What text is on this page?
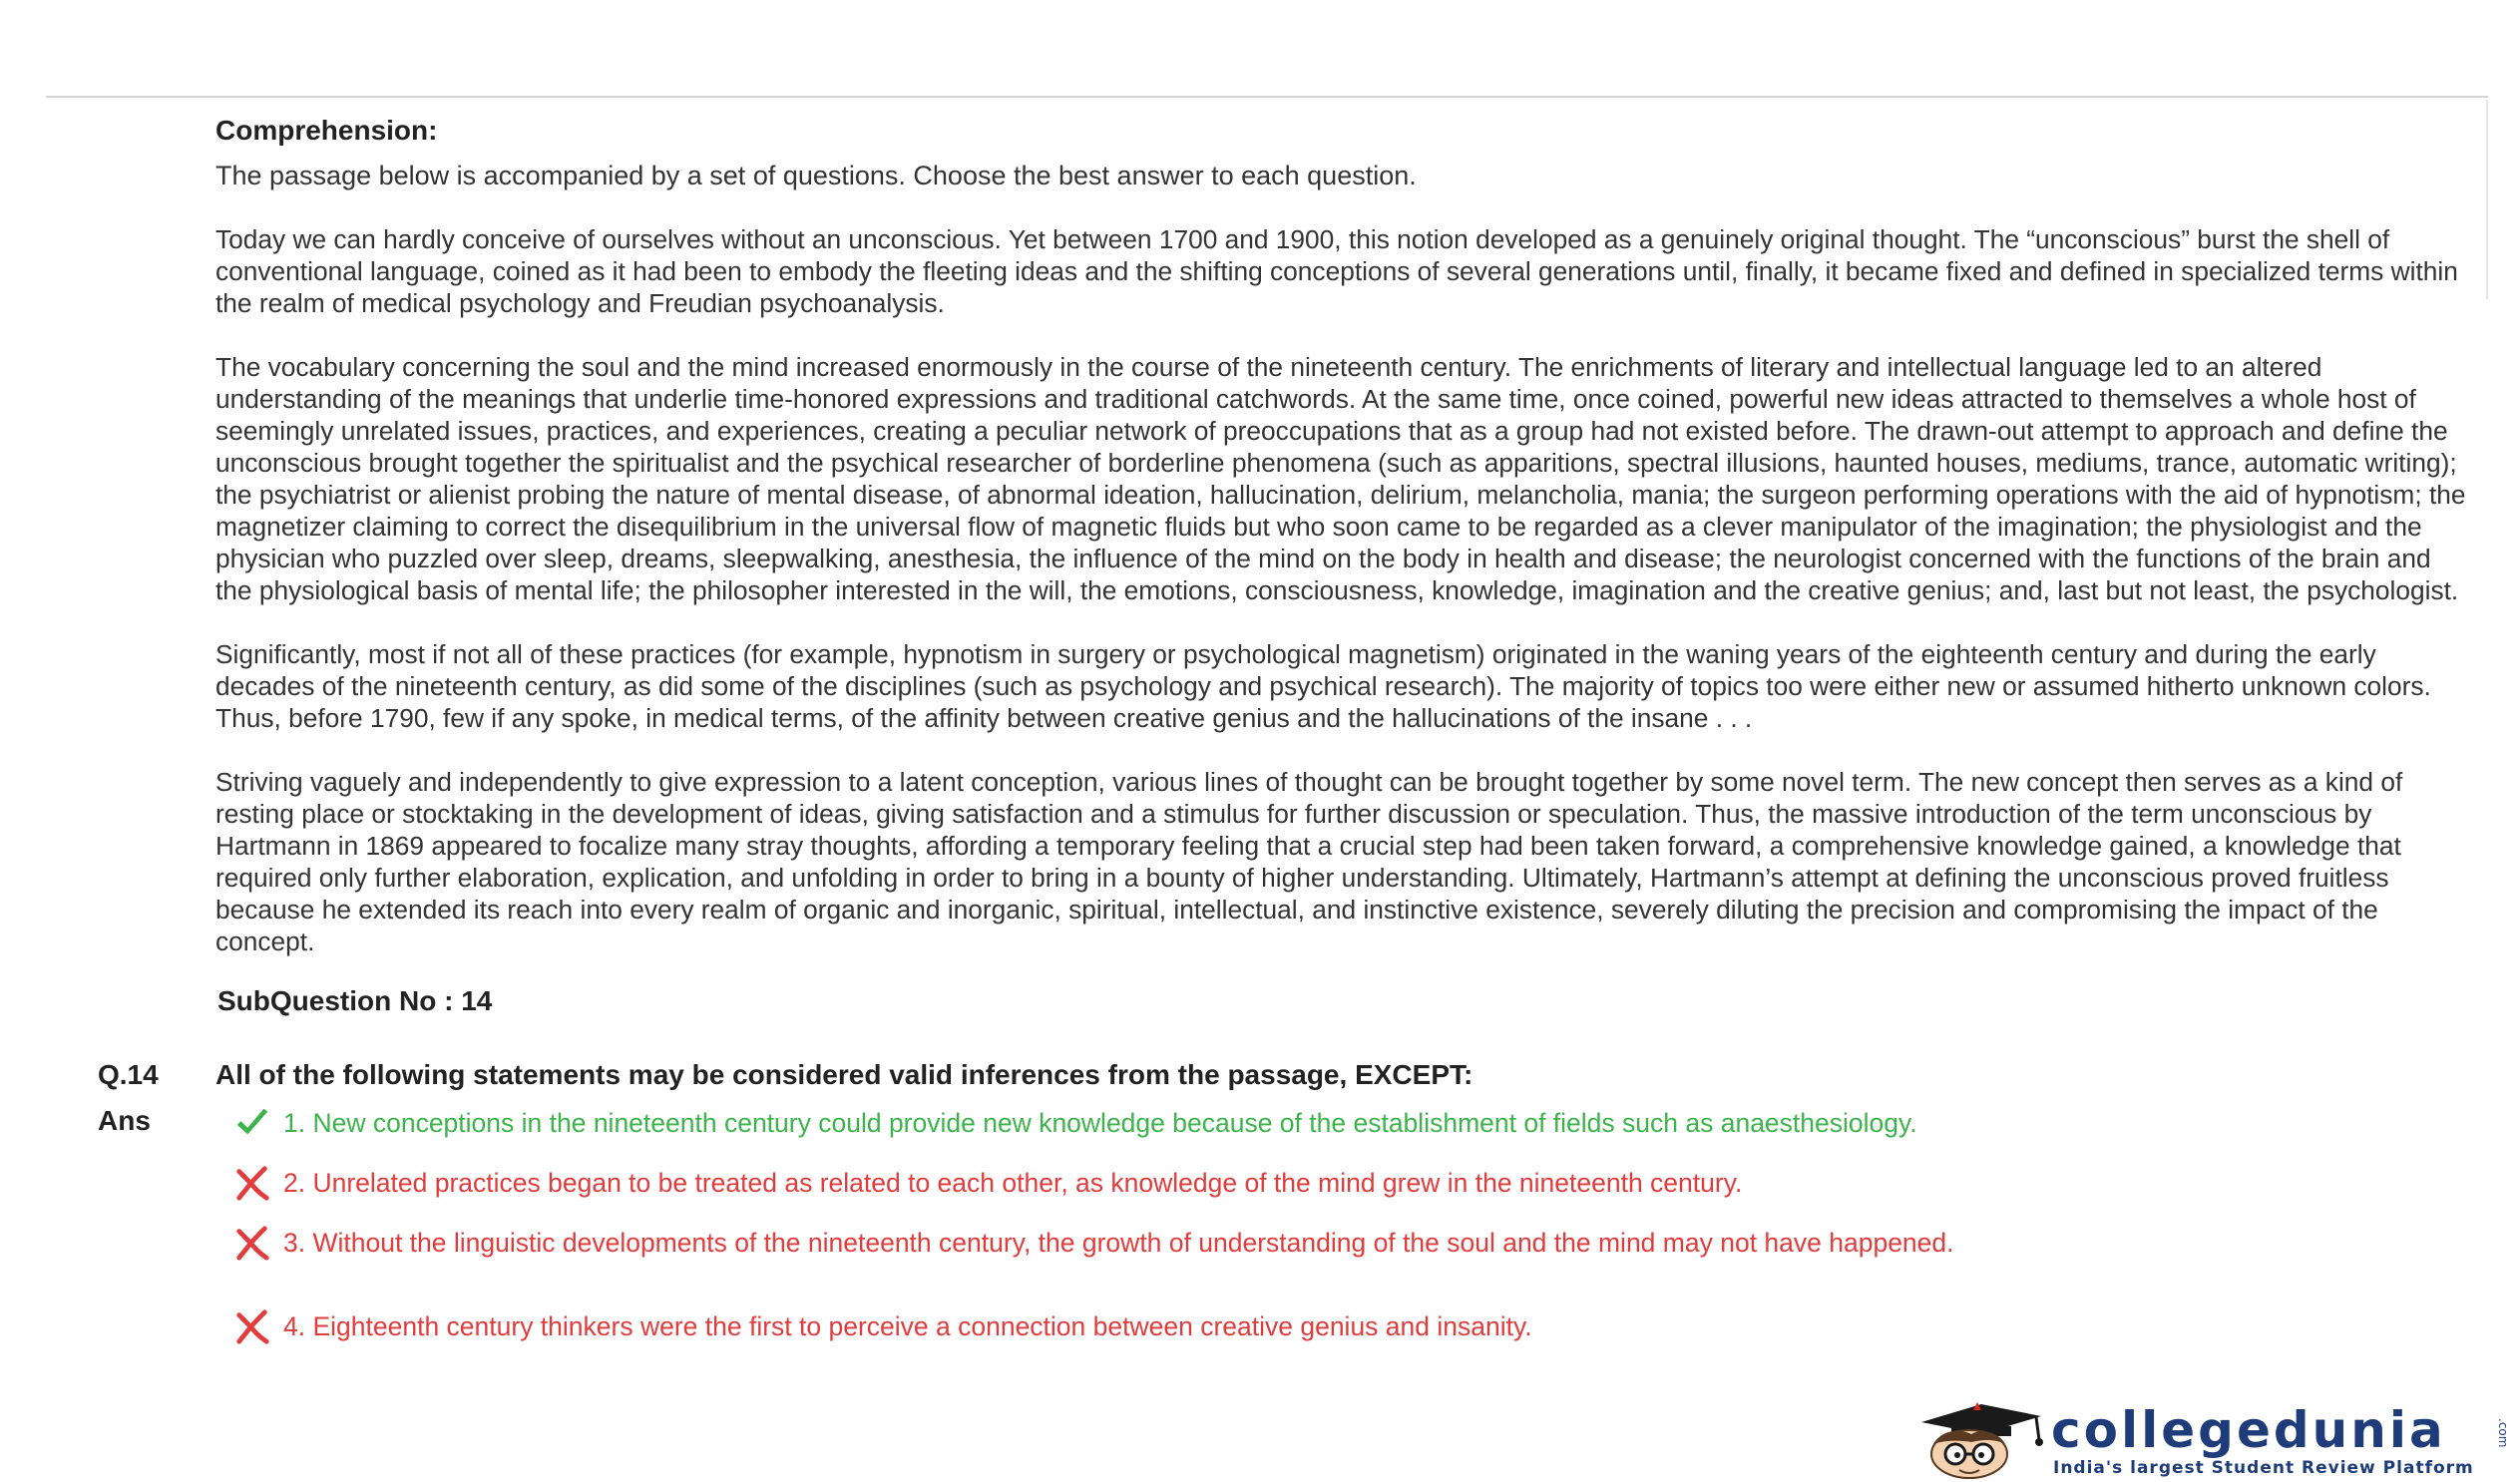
Comprehension:
The passage below is accompanied by a set of questions. Choose the best answer to each question.
Today we can hardly conceive of ourselves without an unconscious. Yet between 1700 and 1900, this notion developed as a genuinely original thought. The “unconscious” burst the shell of conventional language, coined as it had been to embody the fleeting ideas and the shifting conceptions of several generations until, finally, it became fixed and defined in specialized terms within the realm of medical psychology and Freudian psychoanalysis.
The vocabulary concerning the soul and the mind increased enormously in the course of the nineteenth century. The enrichments of literary and intellectual language led to an altered understanding of the meanings that underlie time-honored expressions and traditional catchwords. At the same time, once coined, powerful new ideas attracted to themselves a whole host of seemingly unrelated issues, practices, and experiences, creating a peculiar network of preoccupations that as a group had not existed before. The drawn-out attempt to approach and define the unconscious brought together the spiritualist and the psychical researcher of borderline phenomena (such as apparitions, spectral illusions, haunted houses, mediums, trance, automatic writing); the psychiatrist or alienist probing the nature of mental disease, of abnormal ideation, hallucination, delirium, melancholia, mania; the surgeon performing operations with the aid of hypnotism; the magnetizer claiming to correct the disequilibrium in the universal flow of magnetic fluids but who soon came to be regarded as a clever manipulator of the imagination; the physiologist and the physician who puzzled over sleep, dreams, sleepwalking, anesthesia, the influence of the mind on the body in health and disease; the neurologist concerned with the functions of the brain and the physiological basis of mental life; the philosopher interested in the will, the emotions, consciousness, knowledge, imagination and the creative genius; and, last but not least, the psychologist.
Significantly, most if not all of these practices (for example, hypnotism in surgery or psychological magnetism) originated in the waning years of the eighteenth century and during the early decades of the nineteenth century, as did some of the disciplines (such as psychology and psychical research). The majority of topics too were either new or assumed hitherto unknown colors. Thus, before 1790, few if any spoke, in medical terms, of the affinity between creative genius and the hallucinations of the insane . . .
Striving vaguely and independently to give expression to a latent conception, various lines of thought can be brought together by some novel term. The new concept then serves as a kind of resting place or stocktaking in the development of ideas, giving satisfaction and a stimulus for further discussion or speculation. Thus, the massive introduction of the term unconscious by Hartmann in 1869 appeared to focalize many stray thoughts, affording a temporary feeling that a crucial step had been taken forward, a comprehensive knowledge gained, a knowledge that required only further elaboration, explication, and unfolding in order to bring in a bounty of higher understanding. Ultimately, Hartmann’s attempt at defining the unconscious proved fruitless because he extended its reach into every realm of organic and inorganic, spiritual, intellectual, and instinctive existence, severely diluting the precision and compromising the impact of the concept.
SubQuestion No : 14
Q.14 All of the following statements may be considered valid inferences from the passage, EXCEPT:
Ans	1. New conceptions in the nineteenth century could provide new knowledge because of the establishment of fields such as anaesthesiology.
2. Unrelated practices began to be treated as related to each other, as knowledge of the mind grew in the nineteenth century.
3. Without the linguistic developments of the nineteenth century, the growth of understanding of the soul and the mind may not have happened.
4. Eighteenth century thinkers were the first to perceive a connection between creative genius and insanity.
collegedunia	.com
India's largest Student Review Platform
